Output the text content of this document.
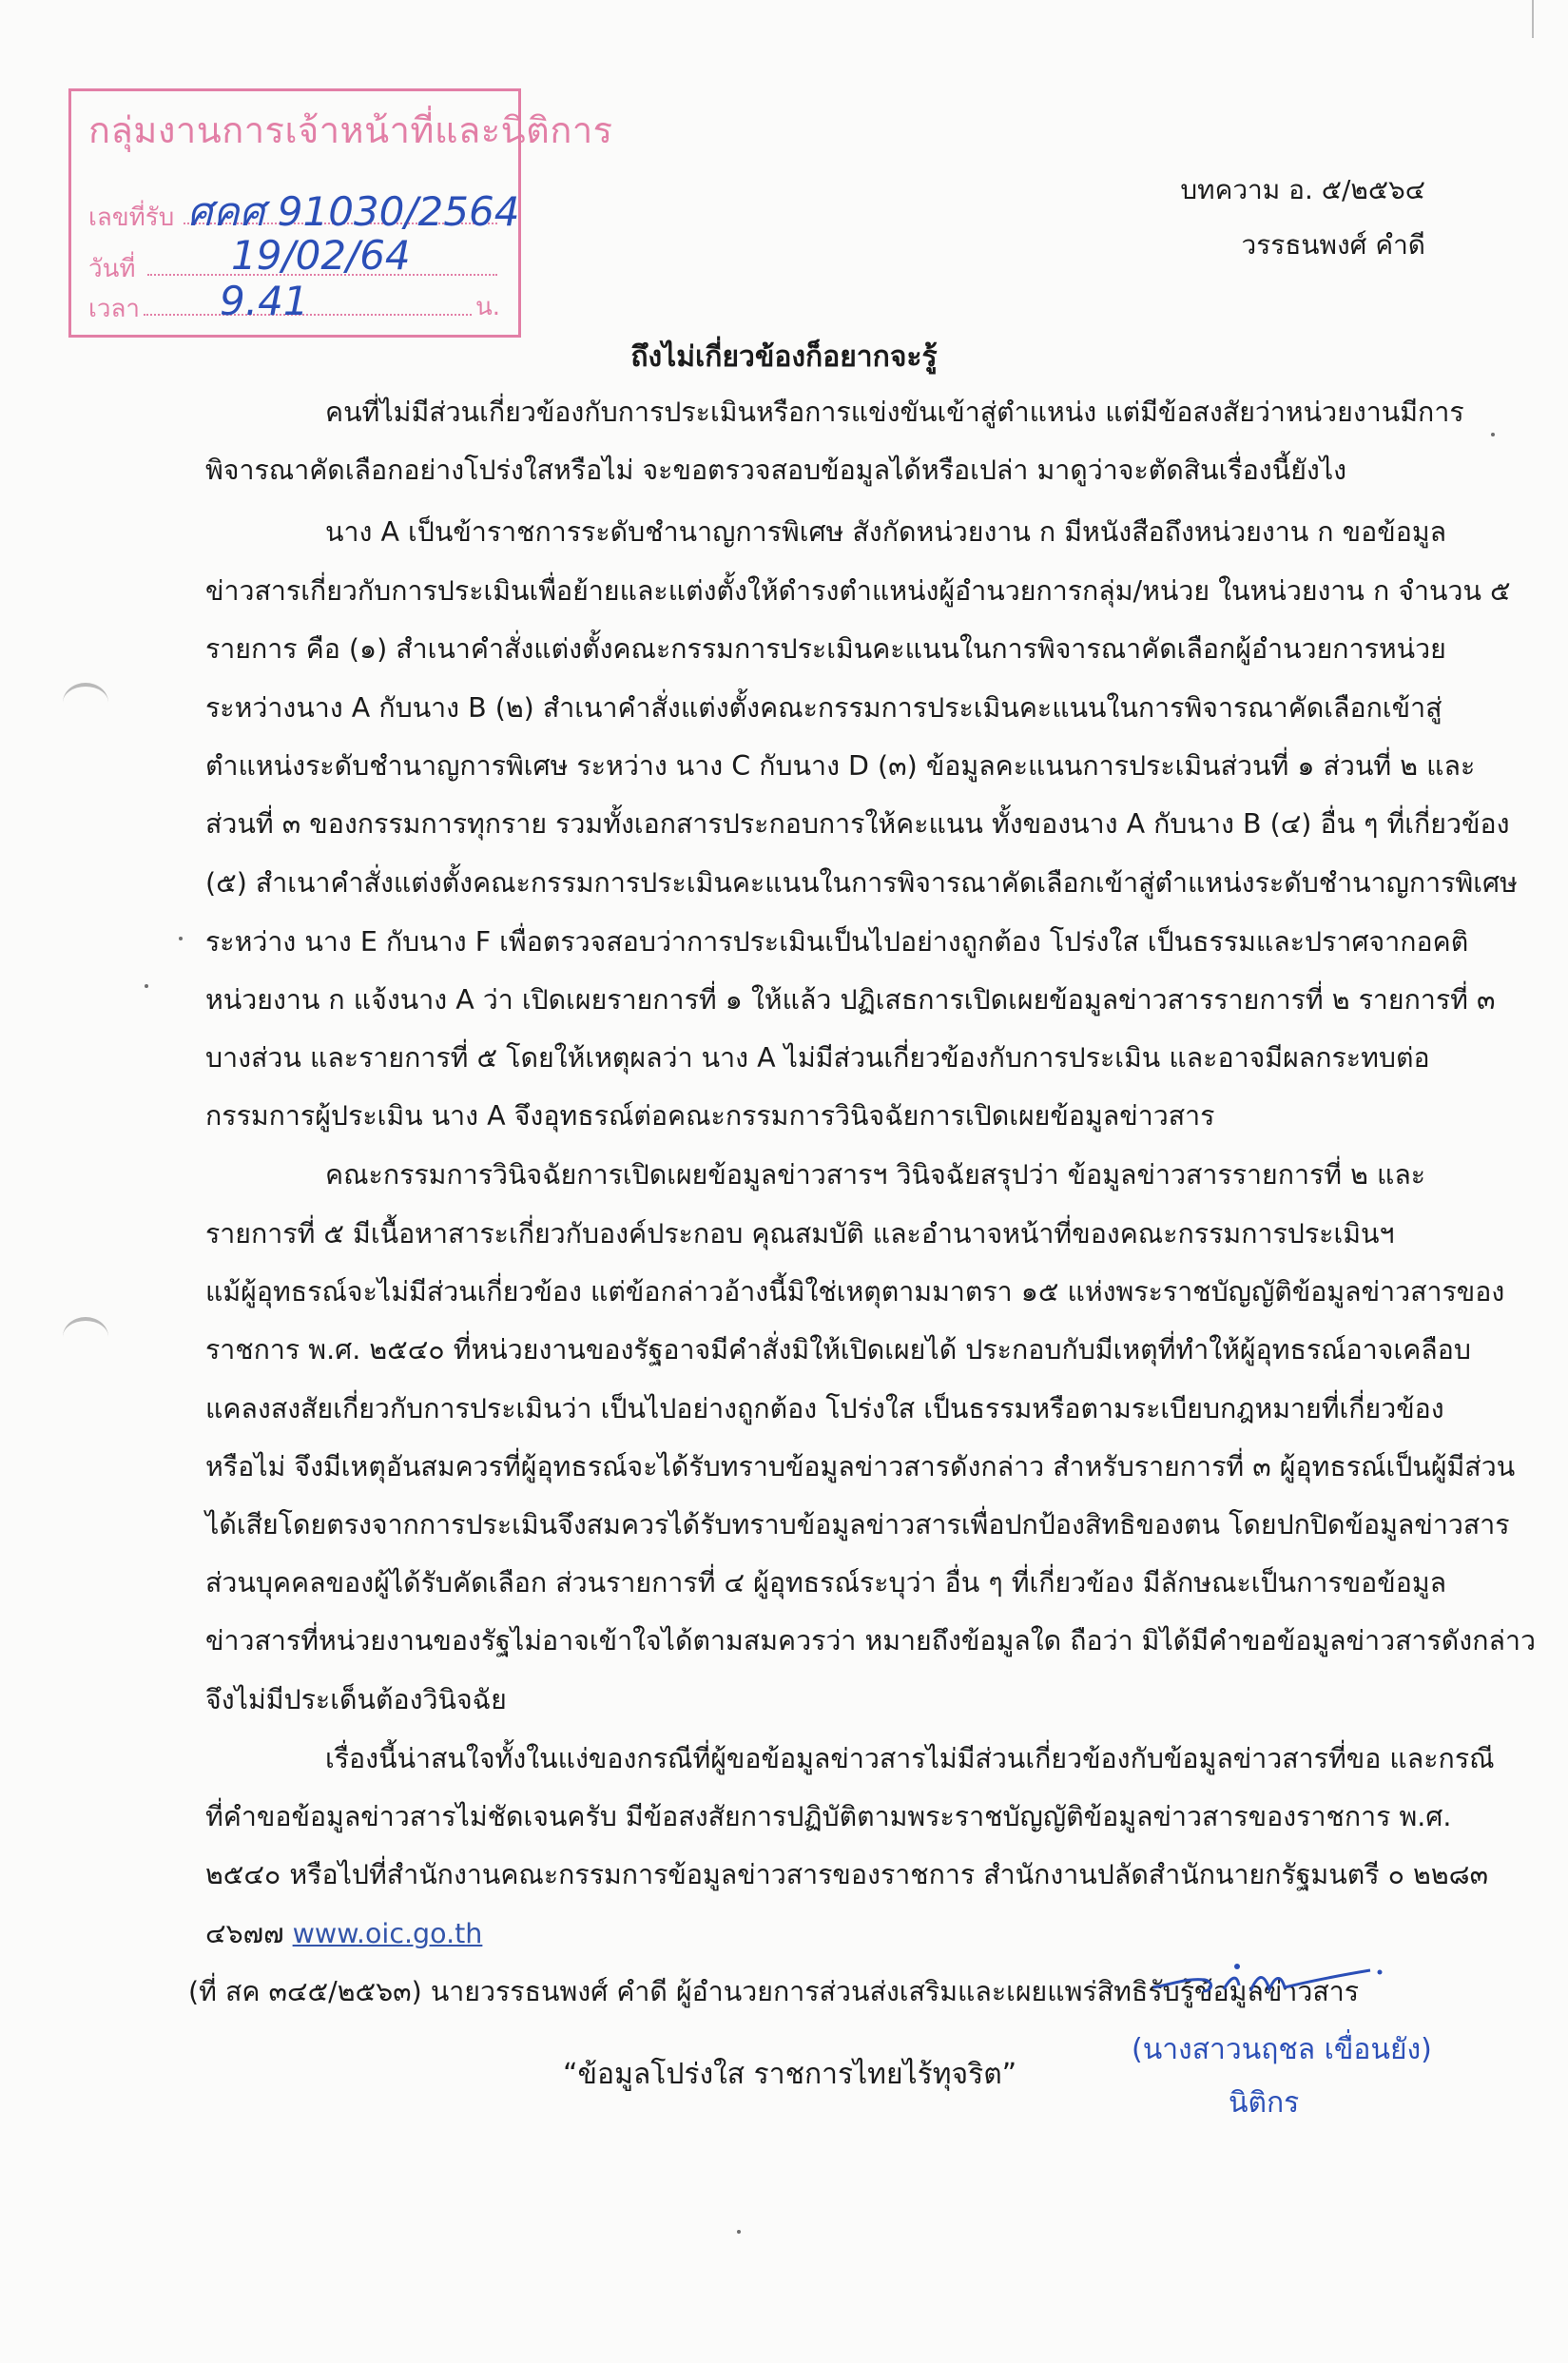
กลุ่มงานการเจ้าหน้าที่และนิติการ
เลขที่รับ ศคศ 91030/2564
วันที่ 19/02/64
เวลา 9.41	น.
บทความ อ. ๕/๒๕๖๔
วรรธนพงศ์ คำดี
ถึงไม่เกี่ยวข้องก็อยากจะรู้
คนที่ไม่มีส่วนเกี่ยวข้องกับการประเมินหรือการแข่งขันเข้าสู่ตำแหน่ง แต่มีข้อสงสัยว่าหน่วยงานมีการ
พิจารณาคัดเลือกอย่างโปร่งใสหรือไม่ จะขอตรวจสอบข้อมูลได้หรือเปล่า มาดูว่าจะตัดสินเรื่องนี้ยังไง
นาง A เป็นข้าราชการระดับชำนาญการพิเศษ สังกัดหน่วยงาน ก มีหนังสือถึงหน่วยงาน ก ขอข้อมูล
ข่าวสารเกี่ยวกับการประเมินเพื่อย้ายและแต่งตั้งให้ดำรงตำแหน่งผู้อำนวยการกลุ่ม/หน่วย ในหน่วยงาน ก จำนวน ๕
รายการ คือ (๑) สำเนาคำสั่งแต่งตั้งคณะกรรมการประเมินคะแนนในการพิจารณาคัดเลือกผู้อำนวยการหน่วย
ระหว่างนาง A กับนาง B (๒) สำเนาคำสั่งแต่งตั้งคณะกรรมการประเมินคะแนนในการพิจารณาคัดเลือกเข้าสู่
ตำแหน่งระดับชำนาญการพิเศษ ระหว่าง นาง C กับนาง D (๓) ข้อมูลคะแนนการประเมินส่วนที่ ๑ ส่วนที่ ๒ และ
ส่วนที่ ๓ ของกรรมการทุกราย รวมทั้งเอกสารประกอบการให้คะแนน ทั้งของนาง A กับนาง B (๔) อื่น ๆ ที่เกี่ยวข้อง
(๕) สำเนาคำสั่งแต่งตั้งคณะกรรมการประเมินคะแนนในการพิจารณาคัดเลือกเข้าสู่ตำแหน่งระดับชำนาญการพิเศษ
ระหว่าง นาง E กับนาง F เพื่อตรวจสอบว่าการประเมินเป็นไปอย่างถูกต้อง โปร่งใส เป็นธรรมและปราศจากอคติ
หน่วยงาน ก แจ้งนาง A ว่า เปิดเผยรายการที่ ๑ ให้แล้ว ปฏิเสธการเปิดเผยข้อมูลข่าวสารรายการที่ ๒ รายการที่ ๓
บางส่วน และรายการที่ ๕ โดยให้เหตุผลว่า นาง A ไม่มีส่วนเกี่ยวข้องกับการประเมิน และอาจมีผลกระทบต่อ
กรรมการผู้ประเมิน นาง A จึงอุทธรณ์ต่อคณะกรรมการวินิจฉัยการเปิดเผยข้อมูลข่าวสาร
คณะกรรมการวินิจฉัยการเปิดเผยข้อมูลข่าวสารฯ วินิจฉัยสรุปว่า ข้อมูลข่าวสารรายการที่ ๒ และ
รายการที่ ๕ มีเนื้อหาสาระเกี่ยวกับองค์ประกอบ คุณสมบัติ และอำนาจหน้าที่ของคณะกรรมการประเมินฯ
แม้ผู้อุทธรณ์จะไม่มีส่วนเกี่ยวข้อง แต่ข้อกล่าวอ้างนี้มิใช่เหตุตามมาตรา ๑๕ แห่งพระราชบัญญัติข้อมูลข่าวสารของ
ราชการ พ.ศ. ๒๕๔๐ ที่หน่วยงานของรัฐอาจมีคำสั่งมิให้เปิดเผยได้ ประกอบกับมีเหตุที่ทำให้ผู้อุทธรณ์อาจเคลือบ
แคลงสงสัยเกี่ยวกับการประเมินว่า เป็นไปอย่างถูกต้อง โปร่งใส เป็นธรรมหรือตามระเบียบกฎหมายที่เกี่ยวข้อง
หรือไม่ จึงมีเหตุอันสมควรที่ผู้อุทธรณ์จะได้รับทราบข้อมูลข่าวสารดังกล่าว สำหรับรายการที่ ๓ ผู้อุทธรณ์เป็นผู้มีส่วน
ได้เสียโดยตรงจากการประเมินจึงสมควรได้รับทราบข้อมูลข่าวสารเพื่อปกป้องสิทธิของตน โดยปกปิดข้อมูลข่าวสาร
ส่วนบุคคลของผู้ได้รับคัดเลือก ส่วนรายการที่ ๔ ผู้อุทธรณ์ระบุว่า อื่น ๆ ที่เกี่ยวข้อง มีลักษณะเป็นการขอข้อมูล
ข่าวสารที่หน่วยงานของรัฐไม่อาจเข้าใจได้ตามสมควรว่า หมายถึงข้อมูลใด ถือว่า มิได้มีคำขอข้อมูลข่าวสารดังกล่าว
จึงไม่มีประเด็นต้องวินิจฉัย
เรื่องนี้น่าสนใจทั้งในแง่ของกรณีที่ผู้ขอข้อมูลข่าวสารไม่มีส่วนเกี่ยวข้องกับข้อมูลข่าวสารที่ขอ และกรณี
ที่คำขอข้อมูลข่าวสารไม่ชัดเจนครับ มีข้อสงสัยการปฏิบัติตามพระราชบัญญัติข้อมูลข่าวสารของราชการ พ.ศ.
๒๕๔๐ หรือไปที่สำนักงานคณะกรรมการข้อมูลข่าวสารของราชการ สำนักงานปลัดสำนักนายกรัฐมนตรี ๐ ๒๒๘๓
๔๖๗๗ www.oic.go.th
(ที่ สค ๓๔๕/๒๕๖๓) นายวรรธนพงศ์ คำดี ผู้อำนวยการส่วนส่งเสริมและเผยแพร่สิทธิรับรู้ข้อมูลข่าวสาร
“ข้อมูลโปร่งใส ราชการไทยไร้ทุจริต”
(นางสาวนฤชล เขื่อนยัง)
นิติกร
